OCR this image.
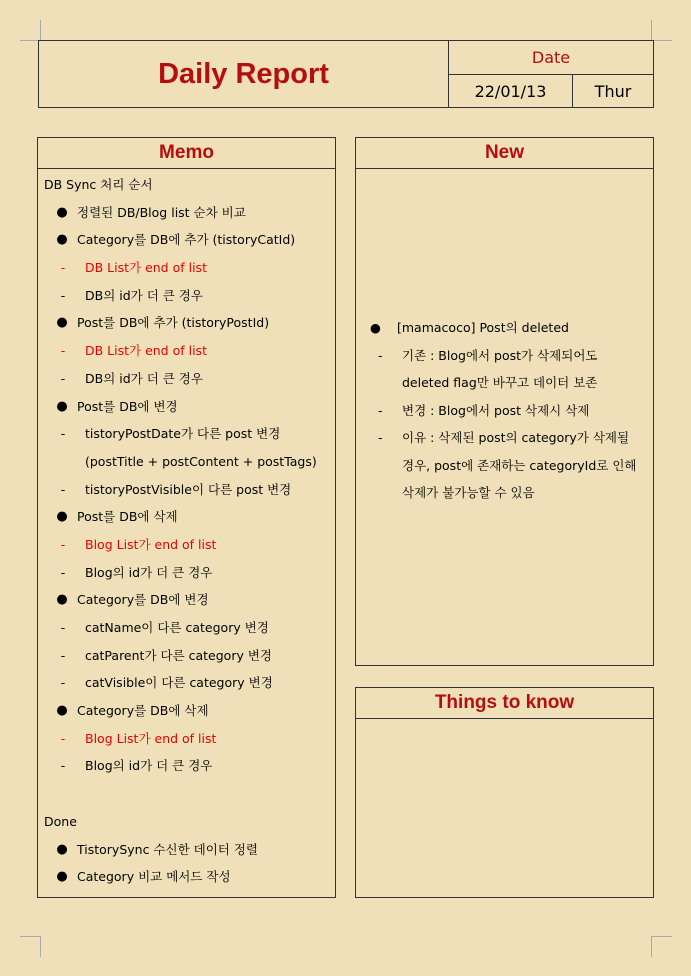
Daily Report	Date
22/01/13	Thur
Memo
DB Sync 처리 순서
● 정렬된 DB/Blog list 순차 비교
● Category를 DB에 추가 (tistoryCatId)
-	DB List가 end of list
-	DB의 id가 더 큰 경우
● Post를 DB에 추가 (tistoryPostId)
-	DB List가 end of list
-	DB의 id가 더 큰 경우
● Post를 DB에 변경
-	tistoryPostDate가 다른 post 변경
(postTitle + postContent + postTags)
-	tistoryPostVisible이 다른 post 변경
● Post를 DB에 삭제
-	Blog List가 end of list
-	Blog의 id가 더 큰 경우
● Category를 DB에 변경
-	catName이 다른 category 변경
-	catParent가 다른 category 변경
-	catVisible이 다른 category 변경
● Category를 DB에 삭제
-	Blog List가 end of list
-	Blog의 id가 더 큰 경우
Done
● TistorySync 수신한 데이터 정렬
● Category 비교 메서드 작성
New
● [mamacoco] Post의 deleted
- 기존 : Blog에서 post가 삭제되어도
deleted flag만 바꾸고 데이터 보존
- 변경 : Blog에서 post 삭제시 삭제
- 이유 : 삭제된 post의 category가 삭제될
경우, post에 존재하는 categoryId로 인해
삭제가 불가능할 수 있음
Things to know
